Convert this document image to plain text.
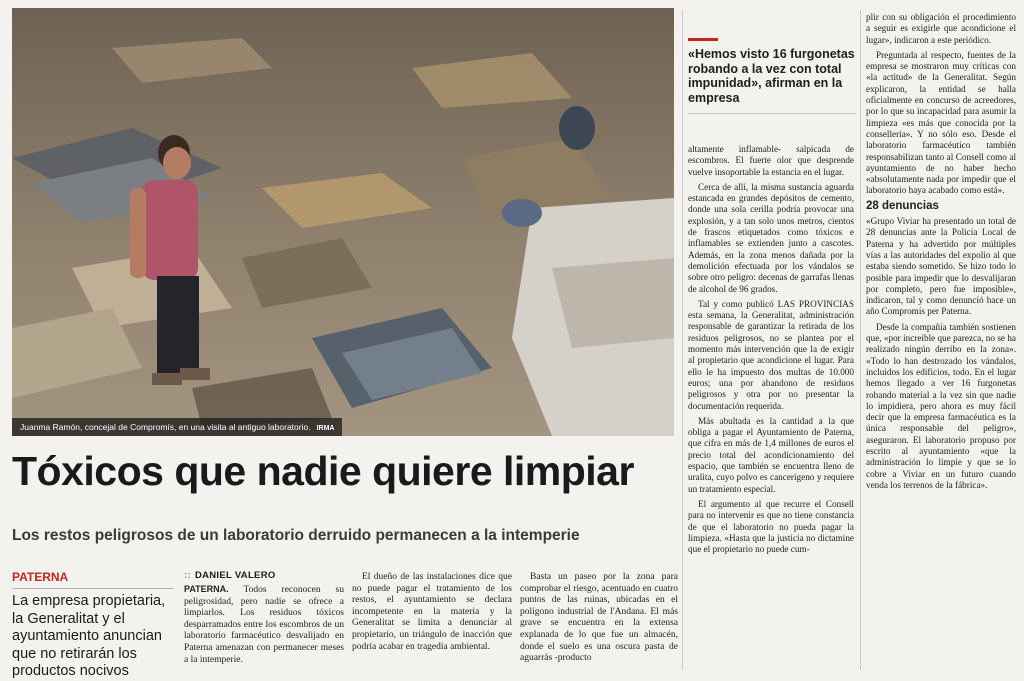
Juanma Ramón, concejal de Compromís, en una visita al antiguo laboratorio. IRMA
Tóxicos que nadie quiere limpiar
Los restos peligrosos de un laboratorio derruido permanecen a la intemperie
PATERNA
La empresa propietaria, la Generalitat y el ayuntamiento anuncian que no retirarán los productos nocivos
:: DANIEL VALERO

PATERNA. Todos reconocen su peligrosidad, pero nadie se ofrece a limpiarlos. Los residuos tóxicos desparramados entre los escombros de un laboratorio farmacéutico desvalijado en Paterna amenazan con permanecer meses a la intemperie.

El dueño de las instalaciones dice que no puede pagar el tratamiento de los restos, el ayuntamiento se declara incompetente en la materia y la Generalitat se limita a denunciar al propietario, un triángulo de inacción que podría acabar en tragedia ambiental.

Basta un paseo por la zona para comprobar el riesgo, acentuado en cuatro puntos de las ruinas, ubicadas en el polígono industrial de l'Andana. El más grave se encuentra en la extensa explanada de lo que fue un almacén, donde el suelo es una oscura pasta de aguarrás -producto

«Hemos visto 16 furgonetas robando a la vez con total impunidad», afirman en la empresa

altamente inflamable- salpicada de escombros. El fuerte olor que desprende vuelve insoportable la estancia en el lugar.

Cerca de allí, la misma sustancia aguarda estancada en grandes depósitos de cemento, donde una sola cerilla podría provocar una explosión, y a tan solo unos metros, cientos de frascos etiquetados como tóxicos e inflamables se extienden junto a cascotes. Además, en la zona menos dañada por la demolición efectuada por los vándalos se sobre otro peligro: decenas de garrafas llenas de alcohol de 96 grados.

Tal y como publicó LAS PROVINCIAS esta semana, la Generalitat, administración responsable de garantizar la retirada de los residuos peligrosos, no se plantea por el momento más intervención que la de exigir al propietario que acondicione el lugar. Para ello le ha impuesto dos multas de 10.000 euros; una por abandono de residuos peligrosos y otra por no presentar la documentación requerida.

Más abultada es la cantidad a la que obliga a pagar el Ayuntamiento de Paterna, que cifra en más de 1,4 millones de euros el precio total del acondicionamiento del espacio, que también se encuentra lleno de uralita, cuyo polvo es cancerígeno y requiere un tratamiento especial.

El argumento al que recurre el Consell para no intervenir es que no tiene constancia de que el laboratorio no pueda pagar la limpieza. «Hasta que la justicia no dictamine que el propietario no puede cum-

plir con su obligación el procedimiento a seguir es exigirle que acondicione el lugar», indicaron a este periódico.

Preguntada al respecto, fuentes de la empresa se mostraron muy críticas con «la actitud» de la Generalitat. Según explicaron, la entidad se halla oficialmente en concurso de acreedores, por lo que su incapacidad para asumir la limpieza «es más que conocida por la conselleria». Y no sólo eso. Desde el laboratorio farmacéutico también responsabilizan tanto al Consell como al ayuntamiento de no haber hecho «absolutamente nada por impedir que el laboratorio haya acabado como está».

28 denuncias

«Grupo Viviar ha presentado un total de 28 denuncias ante la Policía Local de Paterna y ha advertido por múltiples vías a las autoridades del expolio al que estaba siendo sometido. Se hizo todo lo posible para impedir que lo desvalijaran por completo, pero fue imposible», indicaron, tal y como denunció hace un año Compromís per Paterna.

Desde la compañía también sostienen que, «por increíble que parezca, no se ha realizado ningún derribo en la zona». «Todo lo han destrozado los vándalos, incluidos los edificios, todo. En el lugar hemos llegado a ver 16 furgonetas robando material a la vez sin que nadie lo impidiera, pero ahora es muy fácil decir que la empresa farmacéutica es la única responsable del peligro», aseguraron. El laboratorio propuso por escrito al ayuntamiento «que la administración lo limpie y que se lo cobre a Viviar en un futuro cuando venda los terrenos de la fábrica».
